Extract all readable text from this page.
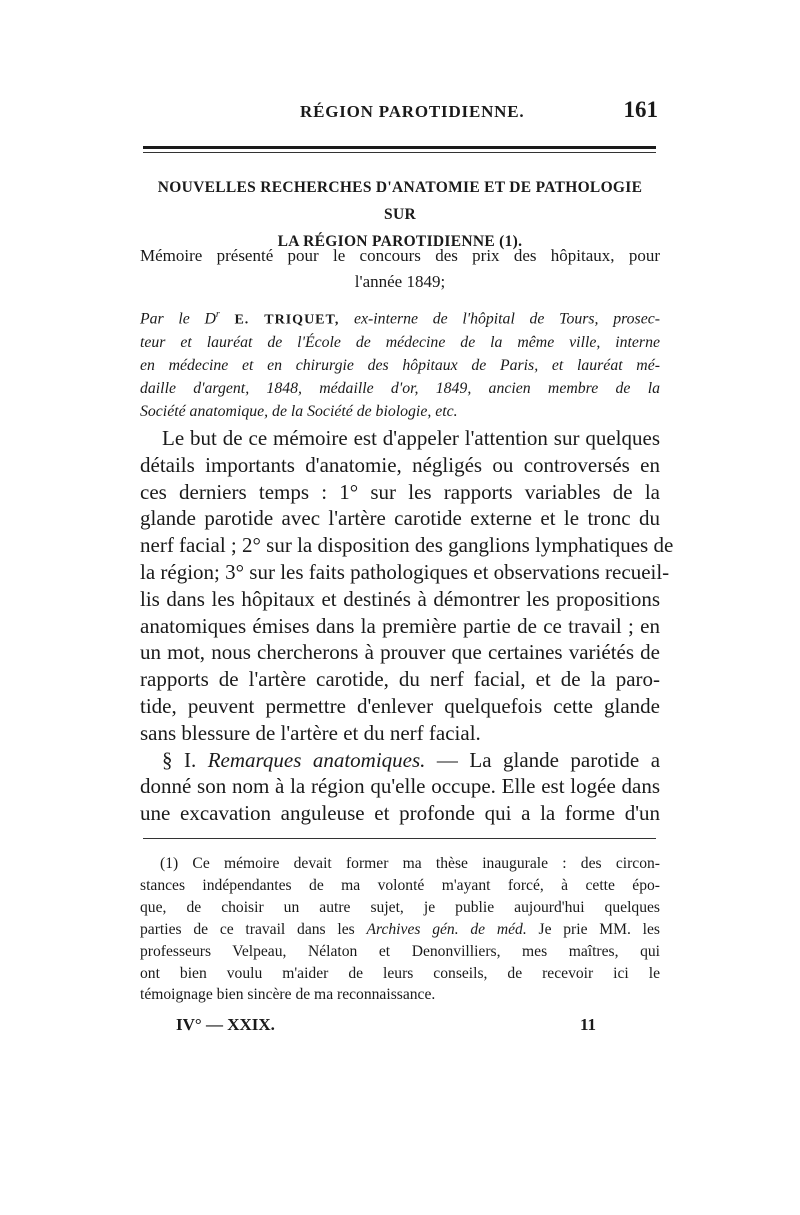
RÉGION PAROTIDIENNE.	161
NOUVELLES RECHERCHES D'ANATOMIE ET DE PATHOLOGIE SUR
LA RÉGION PAROTIDIENNE (1).
Mémoire présenté pour le concours des prix des hôpitaux, pour
l'année 1849;
Par le $D^r$ E. TRIQUET, ex-interne de l'hôpital de Tours, prosec-
teur et lauréat de l'École de médecine de la même ville, interne
en médecine et en chirurgie des hôpitaux de Paris, et lauréat mé-
daille d'argent, 1848, médaille d'or, 1849, ancien membre de la
Société anatomique, de la Société de biologie, etc.
Le but de ce mémoire est d'appeler l'attention sur quelques
détails importants d'anatomie, négligés ou controversés en
ces derniers temps : 1° sur les rapports variables de la
glande parotide avec l'artère carotide externe et le tronc du
nerf facial ; 2° sur la disposition des ganglions lymphatiques de
la région; 3° sur les faits pathologiques et observations recueil-
lis dans les hôpitaux et destinés à démontrer les propositions
anatomiques émises dans la première partie de ce travail ; en
un mot, nous chercherons à prouver que certaines variétés de
rapports de l'artère carotide, du nerf facial, et de la paro-
tide, peuvent permettre d'enlever quelquefois cette glande
sans blessure de l'artère et du nerf facial.
§ I. Remarques anatomiques. — La glande parotide a
donné son nom à la région qu'elle occupe. Elle est logée dans
une excavation anguleuse et profonde qui a la forme d'un
(1) Ce mémoire devait former ma thèse inaugurale : des circon-
stances indépendantes de ma volonté m'ayant forcé, à cette épo-
que, de choisir un autre sujet, je publie aujourd'hui quelques
parties de ce travail dans les Archives gén. de méd. Je prie MM. les
professeurs Velpeau, Nélaton et Denonvilliers, mes maîtres, qui
ont bien voulu m'aider de leurs conseils, de recevoir ici le
témoignage bien sincère de ma reconnaissance.
IV° — XXIX.	11
